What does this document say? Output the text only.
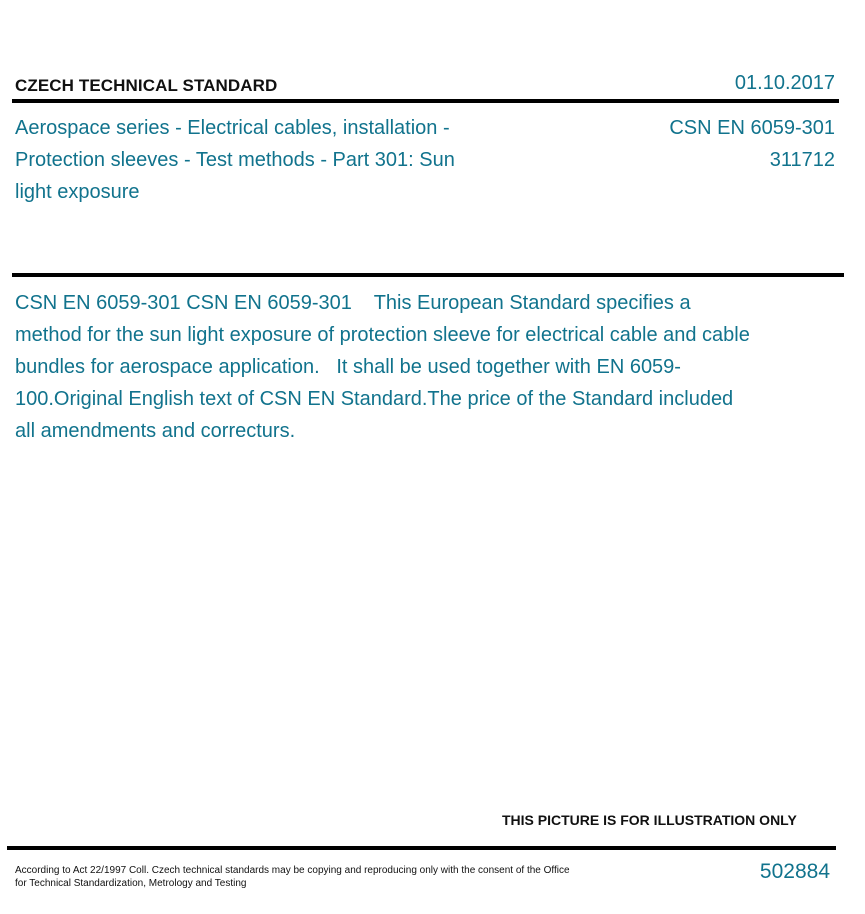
CZECH TECHNICAL STANDARD	01.10.2017
Aerospace series - Electrical cables, installation - Protection sleeves - Test methods - Part 301: Sun light exposure
CSN EN 6059-301
311712
CSN EN 6059-301 CSN EN 6059-301    This European Standard specifies a method for the sun light exposure of protection sleeve for electrical cable and cable bundles for aerospace application.   It shall be used together with EN 6059-100.Original English text of CSN EN Standard.The price of the Standard included all amendments and correcturs.
THIS PICTURE IS FOR ILLUSTRATION ONLY
According to Act 22/1997 Coll. Czech technical standards may be copying and reproducing only with the consent of the Office
for Technical Standardization, Metrology and Testing
502884
